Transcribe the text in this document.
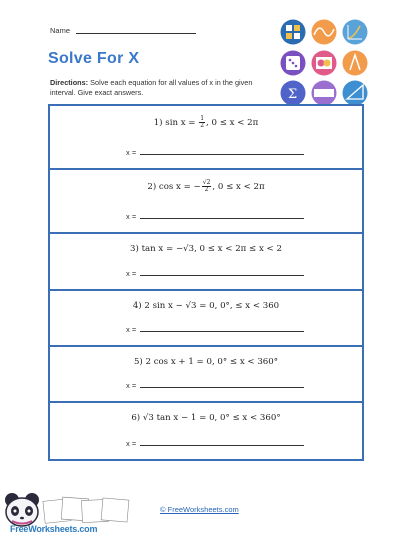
Name
Solve For X
Directions: Solve each equation for all values of x in the given interval. Give exact answers.	Σ
1) $\sin x = \frac{1}{2}$ , 0 ≤ x < 2π
x =
2) cos x = − $\frac{√2}{2}$ , 0 ≤ x < 2π
x =
3) tan x = −√3, 0 ≤ x < 2π ≤ x < 2
x =
4) 2 sin x − √3 = 0, 0°, ≤ x < 360
x =
5) 2 cos x + 1 = 0, 0° ≤ x < 360°
x =
6) √3 tan x − 1 = 0, 0° ≤ x < 360°
x =
FreeWorksheets.com
© FreeWorksheets.com
